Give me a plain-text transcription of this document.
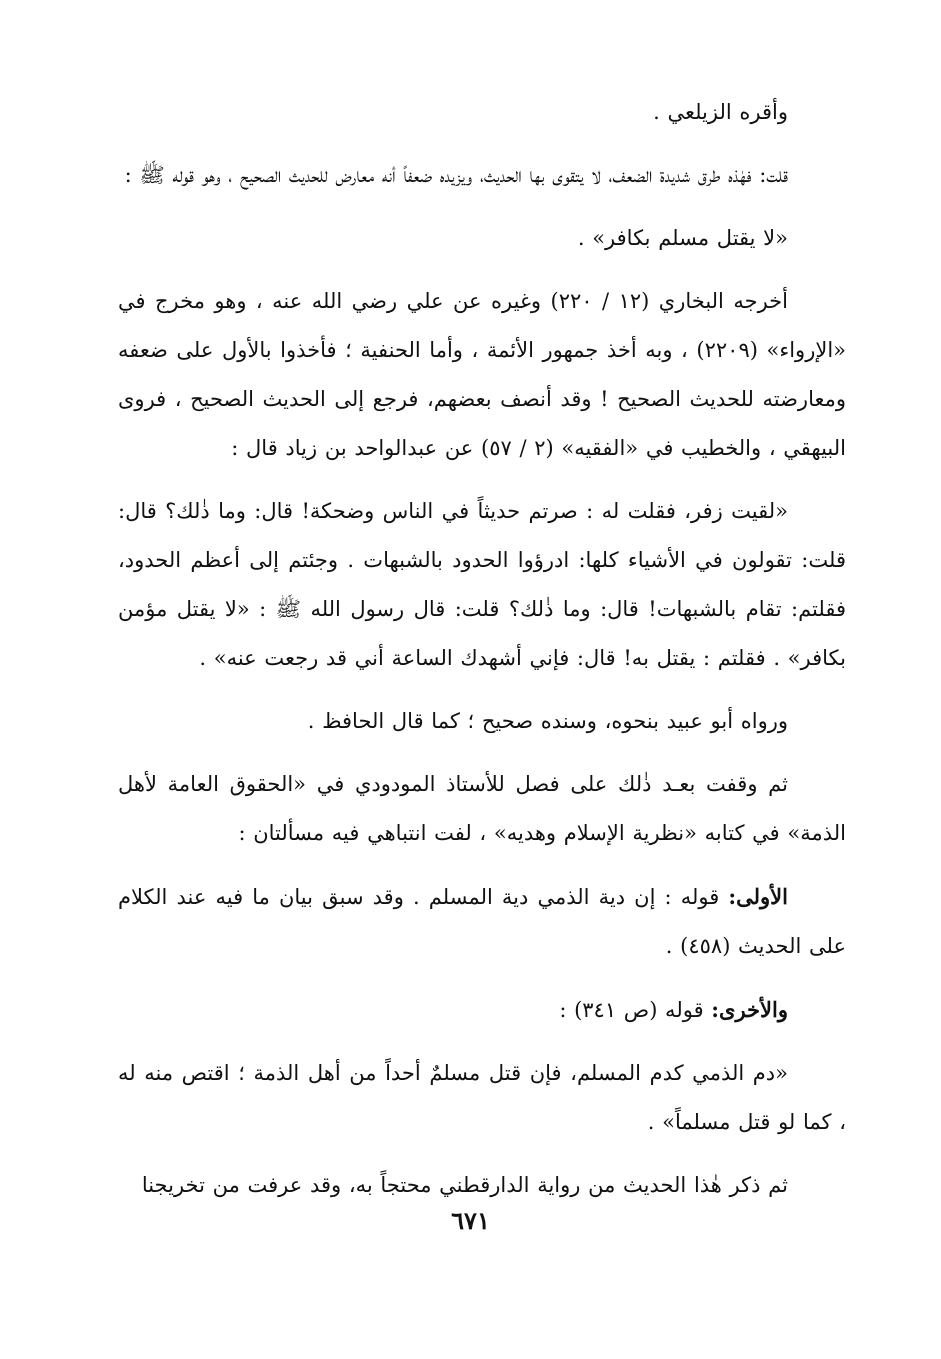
وأقره الزيلعي .

قلت: فهٰذه طرق شديدة الضعف، لا يتقوى بها الحديث، ويزيده ضعفاً أنه معارض للحديث الصحيح ، وهو قوله ﷺ :

«لا يقتل مسلم بكافر» .

أخرجه البخاري (١٢ / ٢٢٠) وغيره عن علي رضي الله عنه ، وهو مخرج في «الإرواء» (٢٢٠٩) ، وبه أخذ جمهور الأئمة ، وأما الحنفية ؛ فأخذوا بالأول على ضعفه ومعارضته للحديث الصحيح ! وقد أنصف بعضهم، فرجع إلى الحديث الصحيح ، فروى البيهقي ، والخطيب في «الفقيه» (٢ / ٥٧) عن عبدالواحد بن زياد قال :

«لقيت زفر، فقلت له : صرتم حديثاً في الناس وضحكة! قال: وما ذٰلك؟ قال: قلت: تقولون في الأشياء كلها: ادرؤوا الحدود بالشبهات . وجئتم إلى أعظم الحدود، فقلتم: تقام بالشبهات! قال: وما ذٰلك؟ قلت: قال رسول الله ﷺ : «لا يقتل مؤمن بكافر» . فقلتم : يقتل به! قال: فإني أشهدك الساعة أني قد رجعت عنه» .

ورواه أبو عبيد بنحوه، وسنده صحيح ؛ كما قال الحافظ .

ثم وقفت بعـد ذٰلك على فصل للأستاذ المودودي في «الحقوق العامة لأهل الذمة» في كتابه «نظرية الإسلام وهديه» ، لفت انتباهي فيه مسألتان :

الأولى: قوله : إن دية الذمي دية المسلم . وقد سبق بيان ما فيه عند الكلام على الحديث (٤٥٨) .

والأخرى: قوله (ص ٣٤١) :

«دم الذمي كدم المسلم، فإن قتل مسلمٌ أحداً من أهل الذمة ؛ اقتص منه له ، كما لو قتل مسلماً» .

ثم ذكر هٰذا الحديث من رواية الدارقطني محتجاً به، وقد عرفت من تخريجنا

٦٧١
